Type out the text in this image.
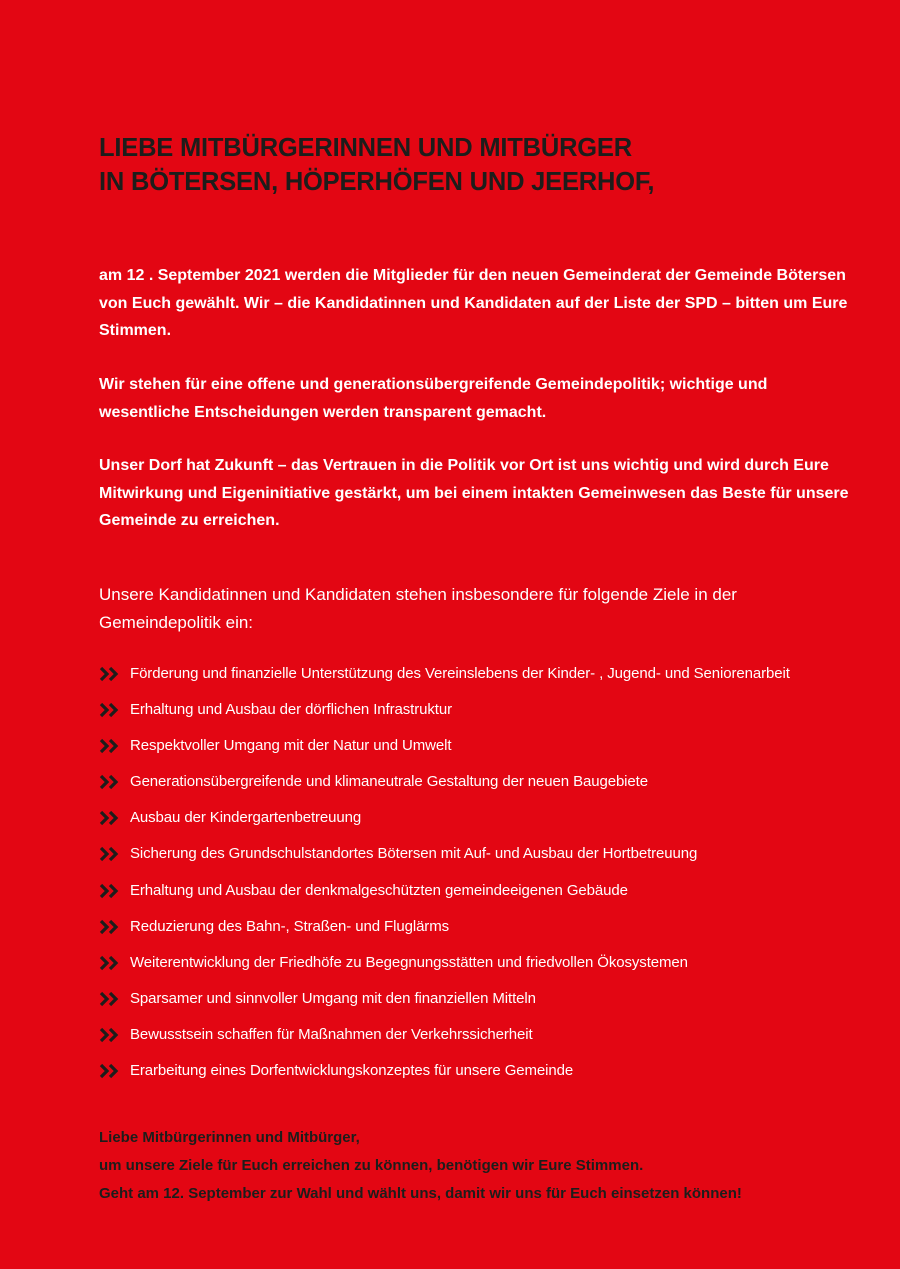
LIEBE MITBÜRGERINNEN UND MITBÜRGER
IN BÖTERSEN, HÖPERHÖFEN UND JEERHOF,

am 12 . September 2021 werden die Mitglieder für den neuen Gemeinderat der Gemeinde Bötersen von Euch gewählt. Wir – die Kandidatinnen und Kandidaten auf der Liste der SPD – bitten um Eure Stimmen.

Wir stehen für eine offene und generationsübergreifende Gemeindepolitik; wichtige und wesentliche Entscheidungen werden transparent gemacht.

Unser Dorf hat Zukunft – das Vertrauen in die Politik vor Ort ist uns wichtig und wird durch Eure Mitwirkung und Eigeninitiative gestärkt, um bei einem intakten Gemeinwesen das Beste für unsere Gemeinde zu erreichen.

Unsere Kandidatinnen und Kandidaten stehen insbesondere für folgende Ziele in der Gemeindepolitik ein:

Förderung und finanzielle Unterstützung des Vereinslebens der Kinder- , Jugend- und Seniorenarbeit
Erhaltung und Ausbau der dörflichen Infrastruktur
Respektvoller Umgang mit der Natur und Umwelt
Generationsübergreifende und klimaneutrale Gestaltung der neuen Baugebiete
Ausbau der Kindergartenbetreuung
Sicherung des Grundschulstandortes Bötersen mit Auf- und Ausbau der Hortbetreuung
Erhaltung und Ausbau der denkmalgeschützten gemeindeeigenen Gebäude
Reduzierung des Bahn-, Straßen- und Fluglärms
Weiterentwicklung der Friedhöfe zu Begegnungsstätten und friedvollen Ökosystemen
Sparsamer und sinnvoller Umgang mit den finanziellen Mitteln
Bewusstsein schaffen für Maßnahmen der Verkehrssicherheit
Erarbeitung eines Dorfentwicklungskonzeptes für unsere Gemeinde

Liebe Mitbürgerinnen und Mitbürger,
um unsere Ziele für Euch erreichen zu können, benötigen wir Eure Stimmen.
Geht am 12. September zur Wahl und wählt uns, damit wir uns für Euch einsetzen können!
